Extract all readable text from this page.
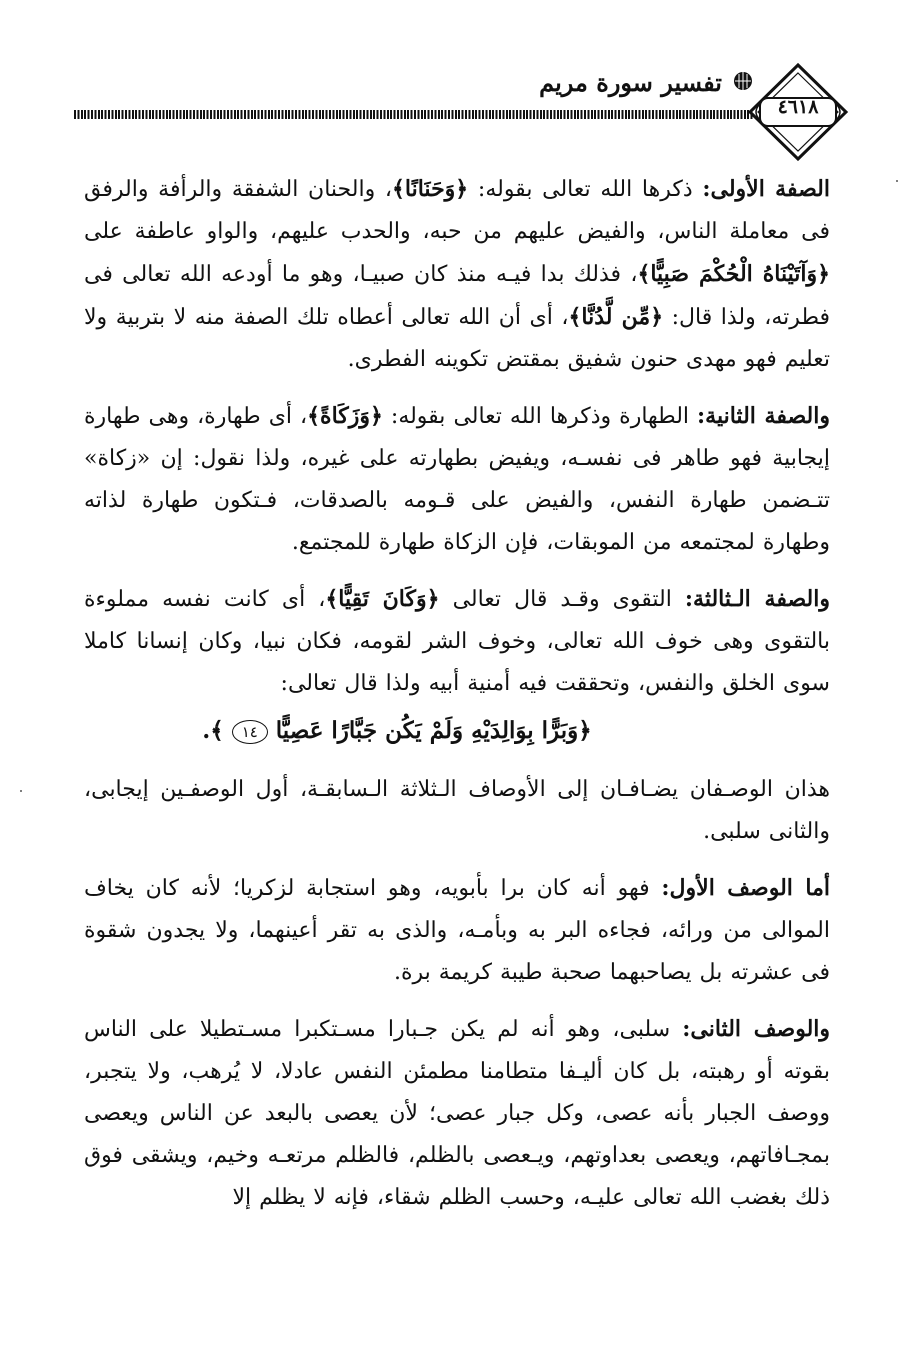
تفسير سورة مريم
٤٦١٨

الصفة الأولى: ذكرها الله تعالى بقوله: ﴿وَحَنَانًا﴾، والحنان الشفقة والرأفة والرفق فى معاملة الناس، والفيض عليهم من حبه، والحدب عليهم، والواو عاطفة على ﴿وَآتَيْنَاهُ الْحُكْمَ صَبِيًّا﴾، فذلك بدا فيـه منذ كان صبيـا، وهو ما أودعه الله تعالى فى فطرته، ولذا قال: ﴿مِّن لَّدُنَّا﴾، أى أن الله تعالى أعطاه تلك الصفة منه لا بتربية ولا تعليم فهو مهدى حنون شفيق بمقتض تكوينه الفطرى.

والصفة الثانية: الطهارة وذكرها الله تعالى بقوله: ﴿وَزَكَاةً﴾، أى طهارة، وهى طهارة إيجابية فهو طاهر فى نفسـه، ويفيض بطهارته على غيره، ولذا نقول: إن «زكاة» تتـضمن طهارة النفس، والفيض على قـومه بالصدقات، فـتكون طهارة لذاته وطهارة لمجتمعه من الموبقات، فإن الزكاة طهارة للمجتمع.

والصفة الـثالثة: التقوى وقـد قال تعالى ﴿وَكَانَ تَقِيًّا﴾، أى كانت نفسه مملوءة بالتقوى وهى خوف الله تعالى، وخوف الشر لقومه، فكان نبيا، وكان إنسانا كاملا سوى الخلق والنفس، وتحققت فيه أمنية أبيه ولذا قال تعالى:

﴿وَبَرًّا بِوَالِدَيْهِ وَلَمْ يَكُن جَبَّارًا عَصِيًّا ١٤ ﴾.

هذان الوصـفان يضـافـان إلى الأوصاف الـثلاثة الـسابقـة، أول الوصفـين إيجابى، والثانى سلبى.

أما الوصف الأول: فهو أنه كان برا بأبويه، وهو استجابة لزكريا؛ لأنه كان يخاف الموالى من ورائه، فجاءه البر به وبأمـه، والذى به تقر أعينهما، ولا يجدون شقوة فى عشرته بل يصاحبهما صحبة طيبة كريمة برة.

والوصف الثانى: سلبى، وهو أنه لم يكن جـبارا مسـتكبرا مسـتطيلا على الناس بقوته أو رهبته، بل كان أليـفا متطامنا مطمئن النفس عادلا، لا يُرهب، ولا يتجبر، ووصف الجبار بأنه عصى، وكل جبار عصى؛ لأن يعصى بالبعد عن الناس ويعصى بمجـافاتهم، ويعصى بعداوتهم، ويـعصى بالظلم، فالظلم مرتعـه وخيم، ويشقى فوق ذلك بغضب الله تعالى عليـه، وحسب الظلم شقاء، فإنه لا يظلم إلا
